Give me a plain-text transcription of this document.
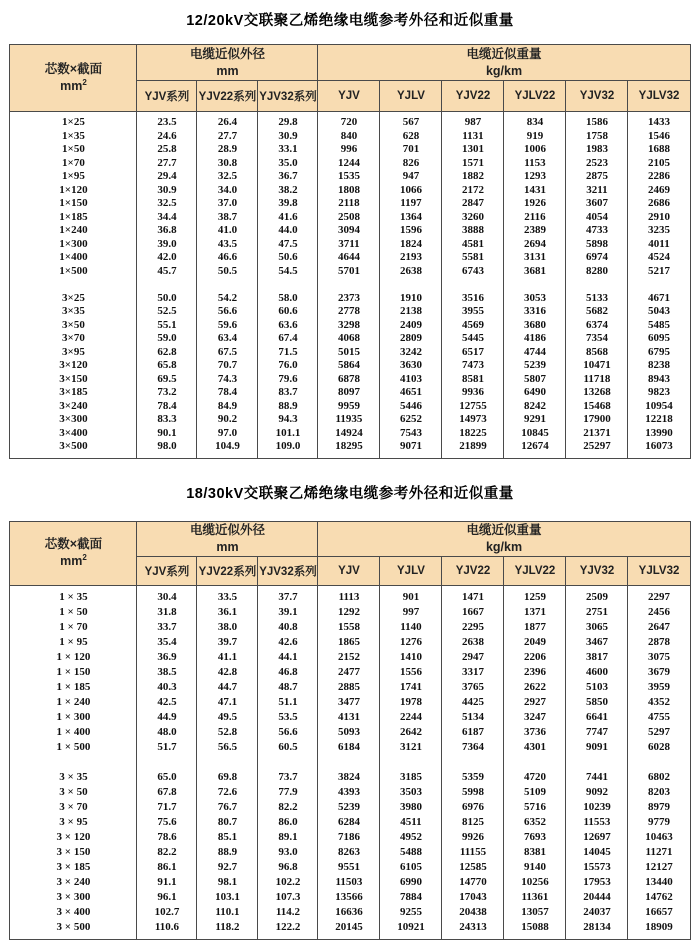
12/20kV交联聚乙烯绝缘电缆参考外径和近似重量
芯数×截面
$mm^2$	电缆近似外径
mm			电缆近似重量
kg/km					
	YJV系列	YJV22系列	YJV32系列	YJV	YJLV	YJV22	YJLV22	YJV32	YJLV32
1×25	23.5	26.4	29.8	720	567	987	834	1586	1433
1×35	24.6	27.7	30.9	840	628	1131	919	1758	1546
1×50	25.8	28.9	33.1	996	701	1301	1006	1983	1688
1×70	27.7	30.8	35.0	1244	826	1571	1153	2523	2105
1×95	29.4	32.5	36.7	1535	947	1882	1293	2875	2286
1×120	30.9	34.0	38.2	1808	1066	2172	1431	3211	2469
1×150	32.5	37.0	39.8	2118	1197	2847	1926	3607	2686
1×185	34.4	38.7	41.6	2508	1364	3260	2116	4054	2910
1×240	36.8	41.0	44.0	3094	1596	3888	2389	4733	3235
1×300	39.0	43.5	47.5	3711	1824	4581	2694	5898	4011
1×400	42.0	46.6	50.6	4644	2193	5581	3131	6974	4524
1×500	45.7	50.5	54.5	5701	2638	6743	3681	8280	5217

3×25	50.0	54.2	58.0	2373	1910	3516	3053	5133	4671
3×35	52.5	56.6	60.6	2778	2138	3955	3316	5682	5043
3×50	55.1	59.6	63.6	3298	2409	4569	3680	6374	5485
3×70	59.0	63.4	67.4	4068	2809	5445	4186	7354	6095
3×95	62.8	67.5	71.5	5015	3242	6517	4744	8568	6795
3×120	65.8	70.7	76.0	5864	3630	7473	5239	10471	8238
3×150	69.5	74.3	79.6	6878	4103	8581	5807	11718	8943
3×185	73.2	78.4	83.7	8097	4651	9936	6490	13268	9823
3×240	78.4	84.9	88.9	9959	5446	12755	8242	15468	10954
3×300	83.3	90.2	94.3	11935	6252	14973	9291	17900	12218
3×400	90.1	97.0	101.1	14924	7543	18225	10845	21371	13990
3×500	98.0	104.9	109.0	18295	9071	21899	12674	25297	16073
18/30kV交联聚乙烯绝缘电缆参考外径和近似重量
芯数×截面
$mm^2$	电缆近似外径
mm			电缆近似重量
kg/km					
	YJV系列	YJV22系列	YJV32系列	YJV	YJLV	YJV22	YJLV22	YJV32	YJLV32
1 × 35	30.4	33.5	37.7	1113	901	1471	1259	2509	2297
1 × 50	31.8	36.1	39.1	1292	997	1667	1371	2751	2456
1 × 70	33.7	38.0	40.8	1558	1140	2295	1877	3065	2647
1 × 95	35.4	39.7	42.6	1865	1276	2638	2049	3467	2878
1 × 120	36.9	41.1	44.1	2152	1410	2947	2206	3817	3075
1 × 150	38.5	42.8	46.8	2477	1556	3317	2396	4600	3679
1 × 185	40.3	44.7	48.7	2885	1741	3765	2622	5103	3959
1 × 240	42.5	47.1	51.1	3477	1978	4425	2927	5850	4352
1 × 300	44.9	49.5	53.5	4131	2244	5134	3247	6641	4755
1 × 400	48.0	52.8	56.6	5093	2642	6187	3736	7747	5297
1 × 500	51.7	56.5	60.5	6184	3121	7364	4301	9091	6028

3 × 35	65.0	69.8	73.7	3824	3185	5359	4720	7441	6802
3 × 50	67.8	72.6	77.9	4393	3503	5998	5109	9092	8203
3 × 70	71.7	76.7	82.2	5239	3980	6976	5716	10239	8979
3 × 95	75.6	80.7	86.0	6284	4511	8125	6352	11553	9779
3 × 120	78.6	85.1	89.1	7186	4952	9926	7693	12697	10463
3 × 150	82.2	88.9	93.0	8263	5488	11155	8381	14045	11271
3 × 185	86.1	92.7	96.8	9551	6105	12585	9140	15573	12127
3 × 240	91.1	98.1	102.2	11503	6990	14770	10256	17953	13440
3 × 300	96.1	103.1	107.3	13566	7884	17043	11361	20444	14762
3 × 400	102.7	110.1	114.2	16636	9255	20438	13057	24037	16657
3 × 500	110.6	118.2	122.2	20145	10921	24313	15088	28134	18909
